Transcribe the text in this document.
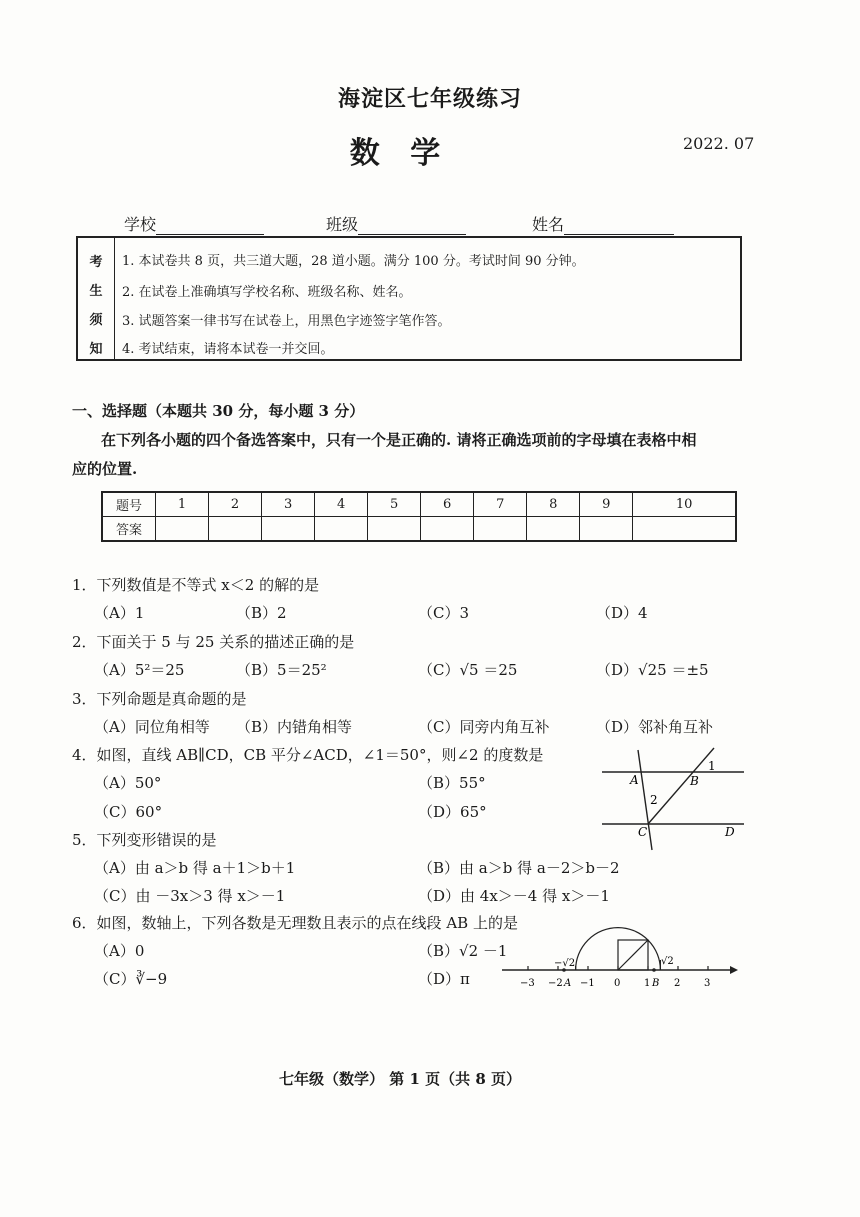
海淀区七年级练习
数 学	2022. 07
学校	班级	姓名
考
生
须
知
1. 本试卷共 8 页，共三道大题，28 道小题。满分 100 分。考试时间 90 分钟。
2. 在试卷上准确填写学校名称、班级名称、姓名。
3. 试题答案一律书写在试卷上，用黑色字迹签字笔作答。
4. 考试结束，请将本试卷一并交回。
一、选择题（本题共 30 分，每小题 3 分）
在下列各小题的四个备选答案中，只有一个是正确的. 请将正确选项前的字母填在表格中相
应的位置.
题号	1	2	3	4	5	6	7	8	9	10
答案										
1．下列数值是不等式 x＜2 的解的是
（A）1	（B）2	（C）3	（D）4
2．下面关于 5 与 25 关系的描述正确的是
（A）5²＝25	（B）5＝25²	（C）√5 ＝25	（D）√25 ＝±5
3．下列命题是真命题的是
（A）同位角相等 （B）内错角相等	（C）同旁内角互补	（D）邻补角互补
4．如图，直线 AB∥CD，CB 平分∠ACD，∠1＝50°，则∠2 的度数是
（A）50°	（B）55°
（C）60°	（D）65°
1
A	B
2
C	D
5．下列变形错误的是
（A）由 a＞b 得 a＋1＞b＋1	（B）由 a＞b 得 a－2＞b－2
（C）由 －3x＞3 得 x＞－1	（D）由 4x＞－4 得 x＞－1
6．如图，数轴上，下列各数是无理数且表示的点在线段 AB 上的是
（A）0	（B）√2 －1
（C）∛−9	（D）π
−√2	√2
−3 −2 A −1 0 1 B 2 3
七年级（数学） 第 1 页（共 8 页）
